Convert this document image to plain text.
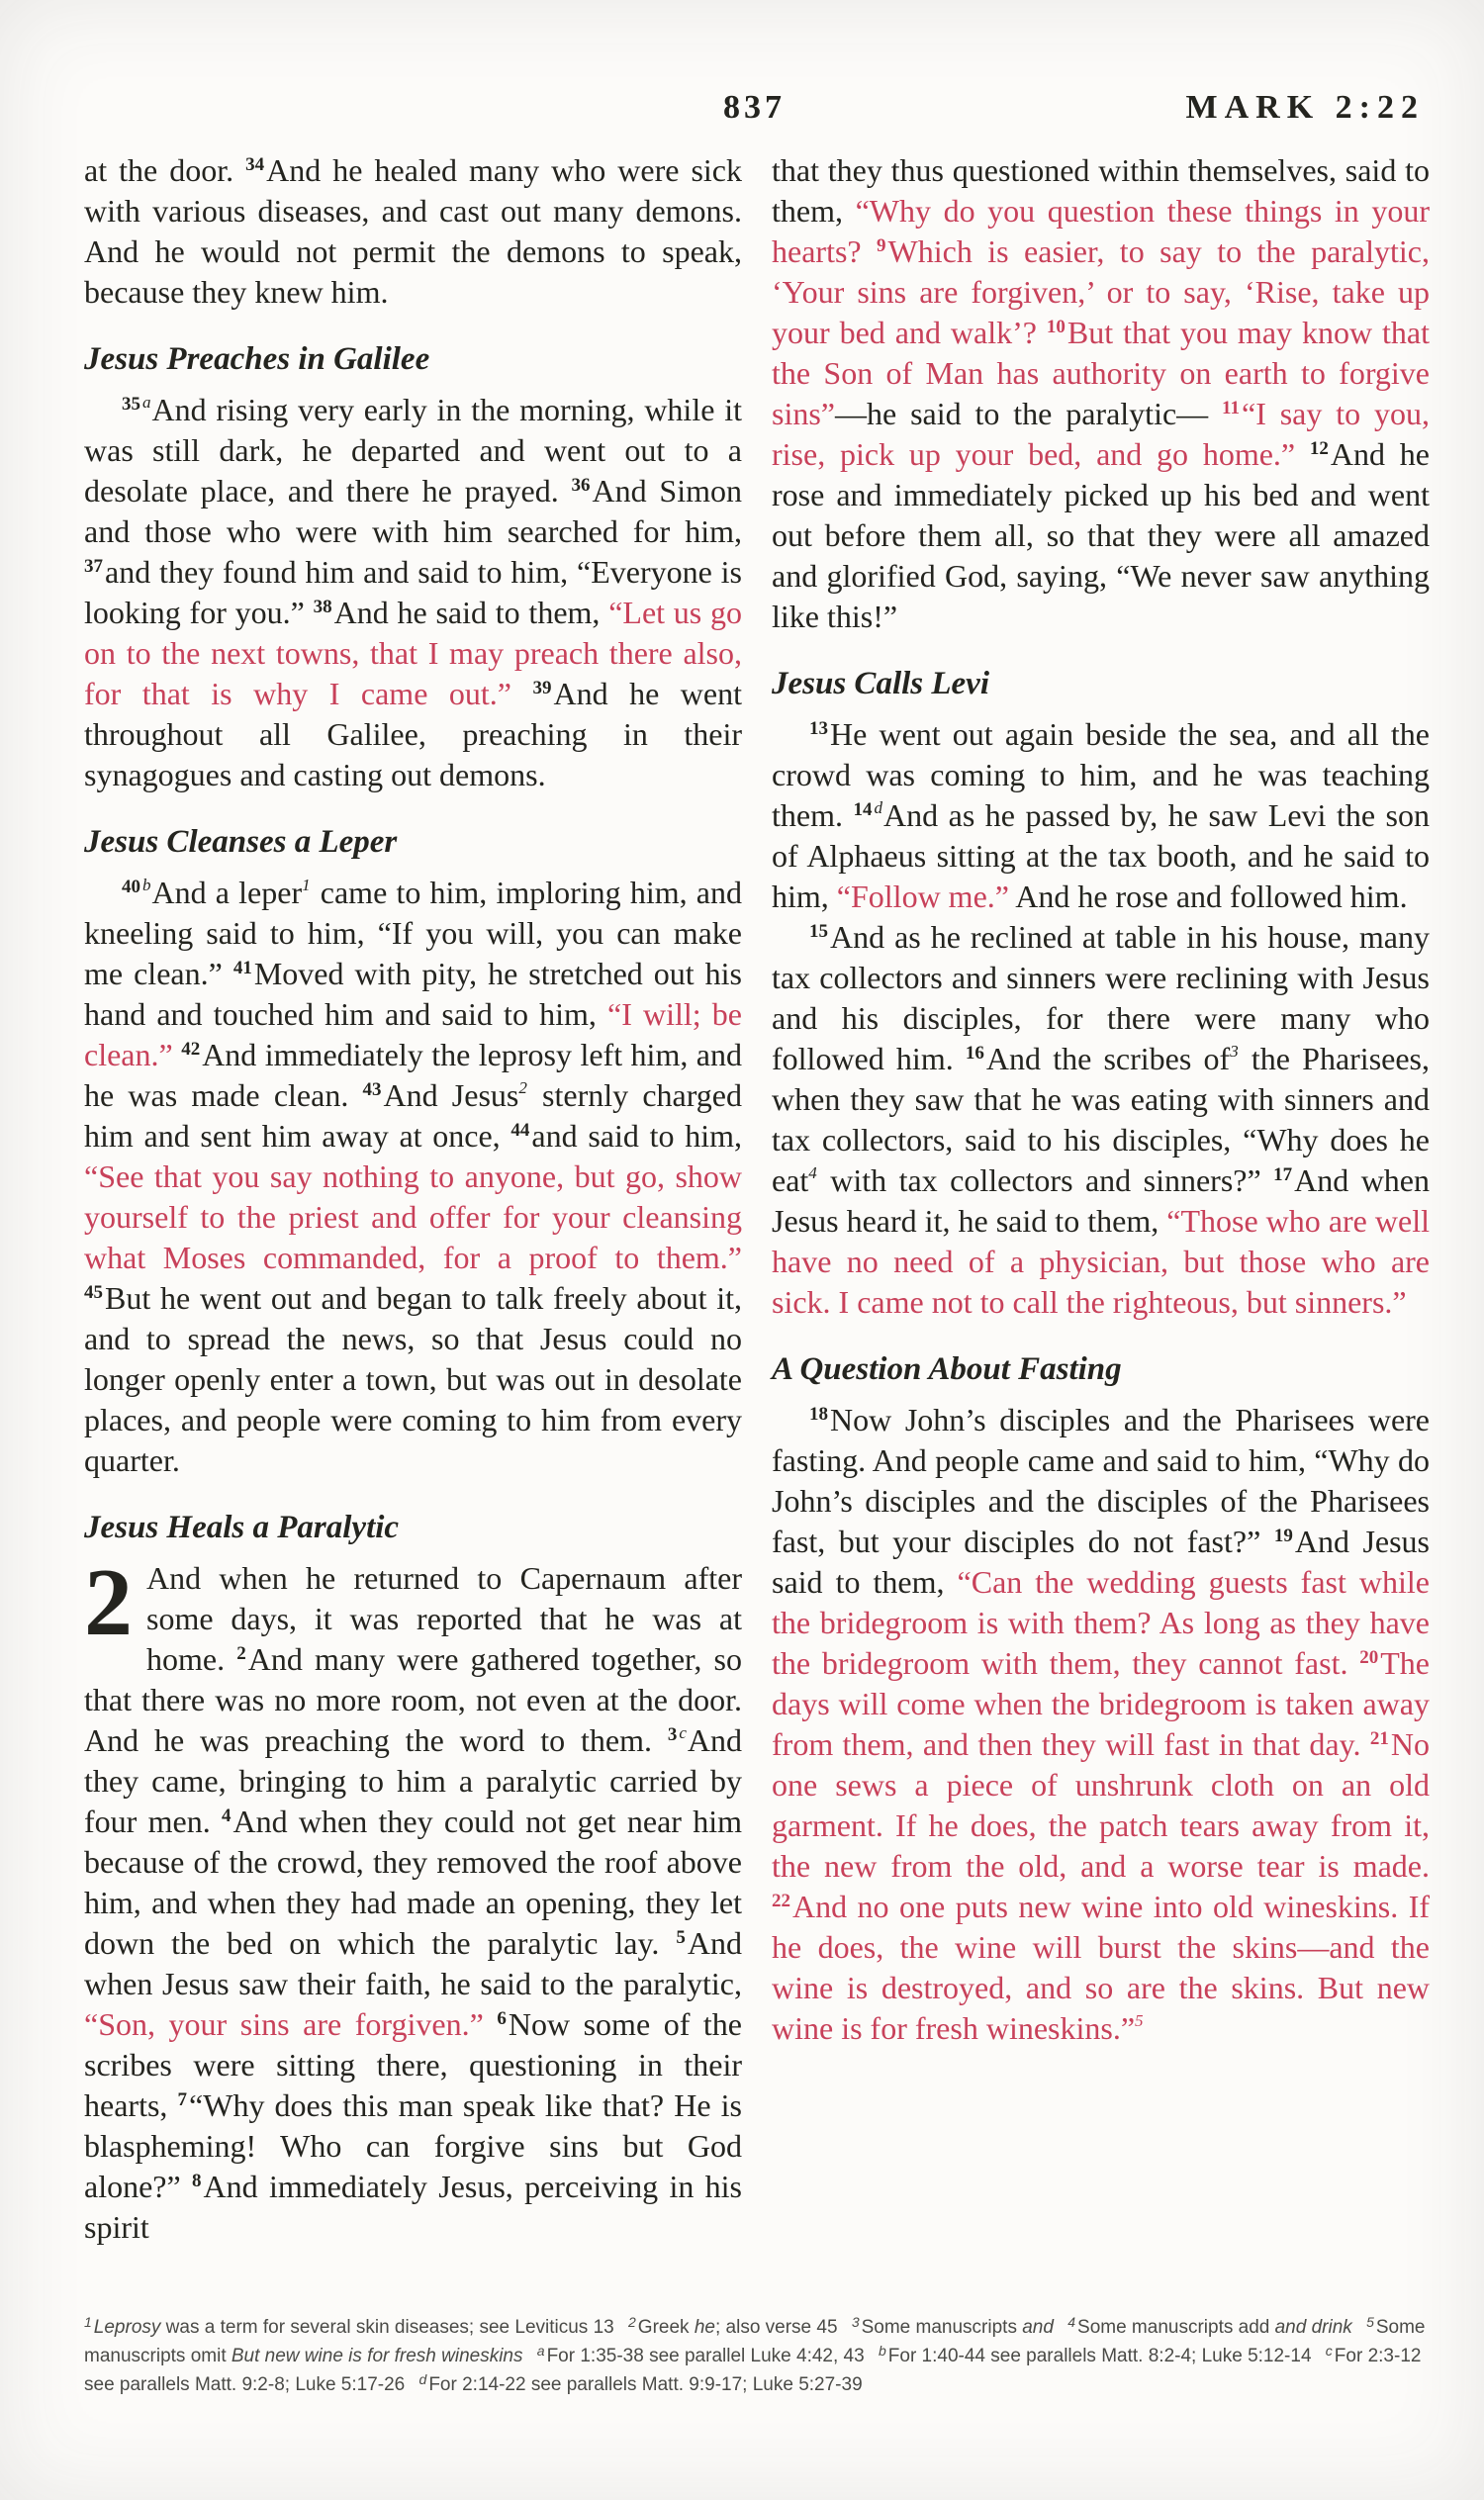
837	MARK 2:22

at the door. $^{34}$And he healed many who were sick with various diseases, and cast out many demons. And he would not permit the demons to speak, because they knew him.

Jesus Preaches in Galilee

$^{35}$ $^a$And rising very early in the morning, while it was still dark, he departed and went out to a desolate place, and there he prayed. $^{36}$And Simon and those who were with him searched for him, $^{37}$and they found him and said to him, “Everyone is looking for you.” $^{38}$And he said to them, “Let us go on to the next towns, that I may preach there also, for that is why I came out.” $^{39}$And he went throughout all Galilee, preaching in their synagogues and casting out demons.

Jesus Cleanses a Leper

$^{40}$ $^b$And a leper$^1$ came to him, imploring him, and kneeling said to him, “If you will, you can make me clean.” $^{41}$Moved with pity, he stretched out his hand and touched him and said to him, “I will; be clean.” $^{42}$And immediately the leprosy left him, and he was made clean. $^{43}$And Jesus$^2$ sternly charged him and sent him away at once, $^{44}$and said to him, “See that you say nothing to anyone, but go, show yourself to the priest and offer for your cleansing what Moses commanded, for a proof to them.” $^{45}$But he went out and began to talk freely about it, and to spread the news, so that Jesus could no longer openly enter a town, but was out in desolate places, and people were coming to him from every quarter.

Jesus Heals a Paralytic

2 And when he returned to Capernaum after some days, it was reported that he was at home. $^2$And many were gathered together, so that there was no more room, not even at the door. And he was preaching the word to them. $^3$ $^c$And they came, bringing to him a paralytic carried by four men. $^4$And when they could not get near him because of the crowd, they removed the roof above him, and when they had made an opening, they let down the bed on which the paralytic lay. $^5$And when Jesus saw their faith, he said to the paralytic, “Son, your sins are forgiven.” $^6$Now some of the scribes were sitting there, questioning in their hearts, $^7$“Why does this man speak like that? He is blaspheming! Who can forgive sins but God alone?” $^8$And immediately Jesus, perceiving in his spirit

that they thus questioned within themselves, said to them, “Why do you question these things in your hearts? $^9$Which is easier, to say to the paralytic, ‘Your sins are forgiven,’ or to say, ‘Rise, take up your bed and walk’? $^{10}$But that you may know that the Son of Man has authority on earth to forgive sins”—he said to the paralytic— $^{11}$“I say to you, rise, pick up your bed, and go home.” $^{12}$And he rose and immediately picked up his bed and went out before them all, so that they were all amazed and glorified God, saying, “We never saw anything like this!”

Jesus Calls Levi

$^{13}$He went out again beside the sea, and all the crowd was coming to him, and he was teaching them. $^{14}$ $^d$And as he passed by, he saw Levi the son of Alphaeus sitting at the tax booth, and he said to him, “Follow me.” And he rose and followed him.

$^{15}$And as he reclined at table in his house, many tax collectors and sinners were reclining with Jesus and his disciples, for there were many who followed him. $^{16}$And the scribes $of^3$ the Pharisees, when they saw that he was eating with sinners and tax collectors, said to his disciples, “Why does he eat$^4$ with tax collectors and sinners?” $^{17}$And when Jesus heard it, he said to them, “Those who are well have no need of a physician, but those who are sick. I came not to call the righteous, but sinners.”

A Question About Fasting

$^{18}$Now John’s disciples and the Pharisees were fasting. And people came and said to him, “Why do John’s disciples and the disciples of the Pharisees fast, but your disciples do not fast?” $^{19}$And Jesus said to them, “Can the wedding guests fast while the bridegroom is with them? As long as they have the bridegroom with them, they cannot fast. $^{20}$The days will come when the bridegroom is taken away from them, and then they will fast in that day. $^{21}$No one sews a piece of unshrunk cloth on an old garment. If he does, the patch tears away from it, the new from the old, and a worse tear is made. $^{22}$And no one puts new wine into old wineskins. If he does, the wine will burst the skins—and the wine is destroyed, and so are the skins. But new wine is for fresh wineskins.”$^5$

$^1$ Leprosy was a term for several skin diseases; see Leviticus 13 $^2$ Greek he; also verse 45 $^3$ Some manuscripts and $^4$ Some manuscripts add and drink $^5$ Some manuscripts omit But new wine is for fresh wineskins $^a$ For 1:35-38 see parallel Luke 4:42, 43 $^b$ For 1:40-44 see parallels Matt. 8:2-4; Luke 5:12-14 $^c$ For 2:3-12 see parallels Matt. 9:2-8; Luke 5:17-26 $^d$ For 2:14-22 see parallels Matt. 9:9-17; Luke 5:27-39
